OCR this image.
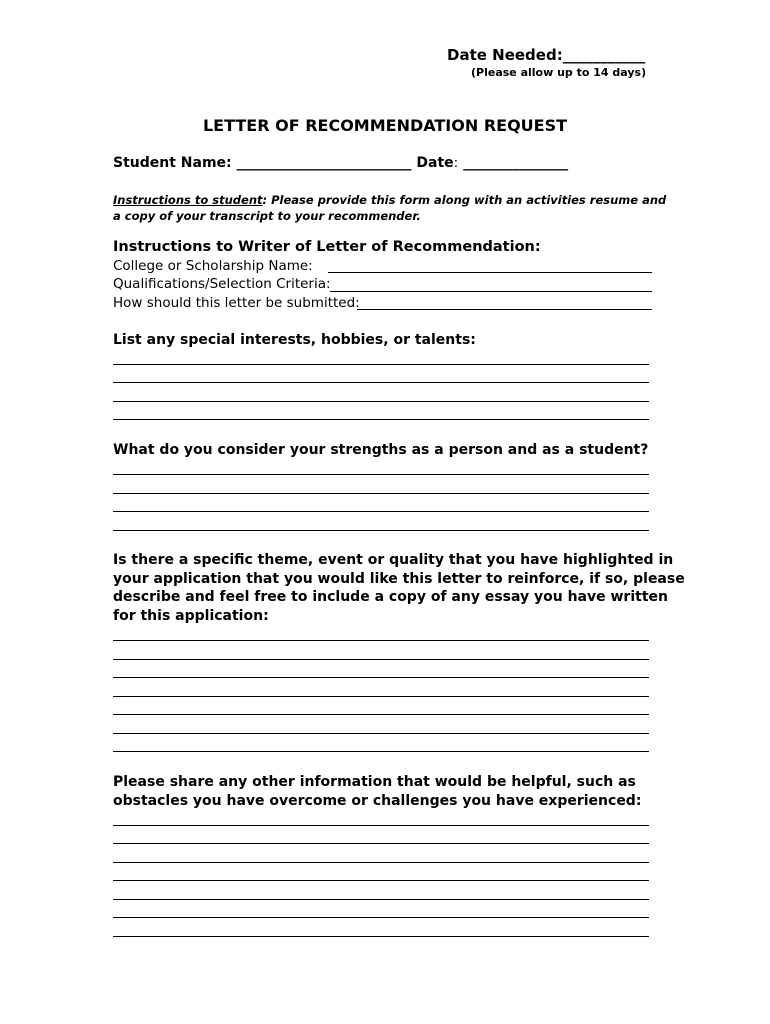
Date Needed:___________
(Please allow up to 14 days)
LETTER OF RECOMMENDATION REQUEST
Student Name: _________________________ Date: _______________
Instructions to student: Please provide this form along with an activities resume and
a copy of your transcript to your recommender.
Instructions to Writer of Letter of Recommendation:
College or Scholarship Name:
Qualifications/Selection Criteria:
How should this letter be submitted:
List any special interests, hobbies, or talents:
What do you consider your strengths as a person and as a student?
Is there a specific theme, event or quality that you have highlighted in
your application that you would like this letter to reinforce, if so, please
describe and feel free to include a copy of any essay you have written
for this application:
Please share any other information that would be helpful, such as
obstacles you have overcome or challenges you have experienced:
